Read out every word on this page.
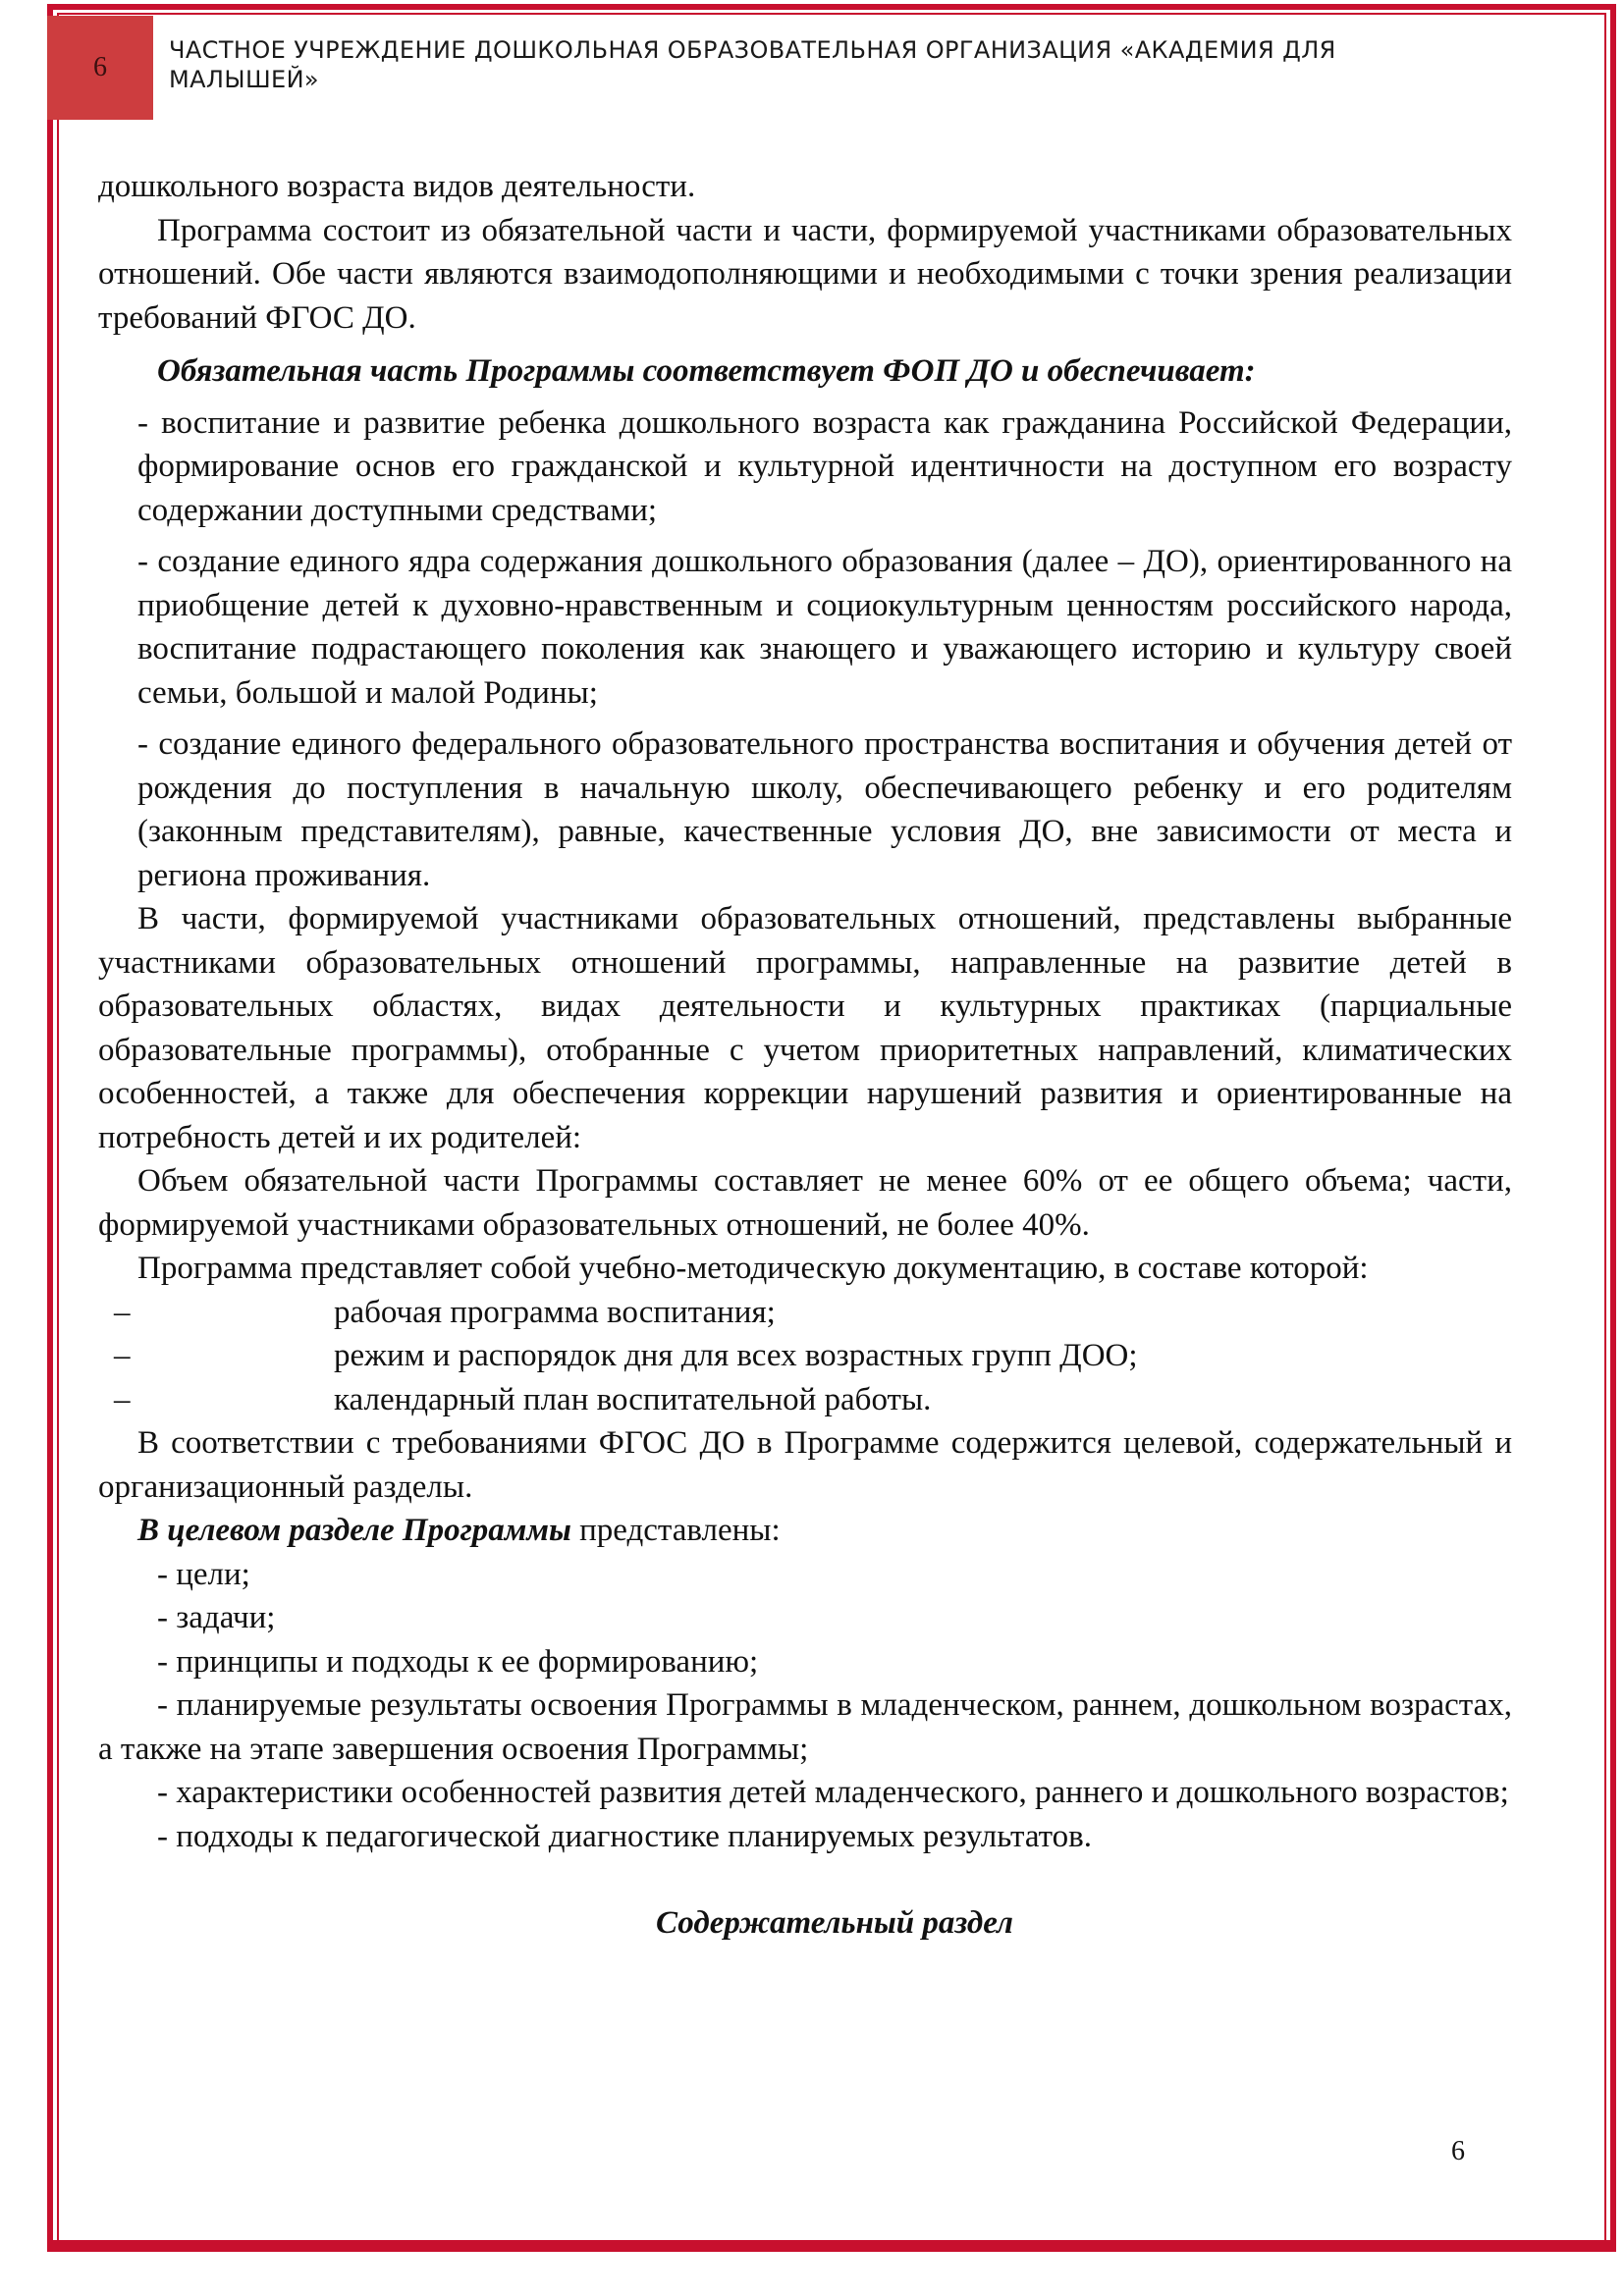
6
ЧАСТНОЕ УЧРЕЖДЕНИЕ ДОШКОЛЬНАЯ ОБРАЗОВАТЕЛЬНАЯ ОРГАНИЗАЦИЯ «АКАДЕМИЯ ДЛЯ МАЛЫШЕЙ»

дошкольного возраста видов деятельности.

Программа состоит из обязательной части и части, формируемой участниками образовательных отношений. Обе части являются взаимодополняющими и необходимыми с точки зрения реализации требований ФГОС ДО.

Обязательная часть Программы соответствует ФОП ДО и обеспечивает:

- воспитание и развитие ребенка дошкольного возраста как гражданина Российской Федерации, формирование основ его гражданской и культурной идентичности на доступном его возрасту содержании доступными средствами;

- создание единого ядра содержания дошкольного образования (далее – ДО), ориентированного на приобщение детей к духовно-нравственным и социокультурным ценностям российского народа, воспитание подрастающего поколения как знающего и уважающего историю и культуру своей семьи, большой и малой Родины;

- создание единого федерального образовательного пространства воспитания и обучения детей от рождения до поступления в начальную школу, обеспечивающего ребенку и его родителям (законным представителям), равные, качественные условия ДО, вне зависимости от места и региона проживания.

В части, формируемой участниками образовательных отношений, представлены выбранные участниками образовательных отношений программы, направленные на развитие детей в образовательных областях, видах деятельности и культурных практиках (парциальные образовательные программы), отобранные с учетом приоритетных направлений, климатических особенностей, а также для обеспечения коррекции нарушений развития и ориентированные на потребность детей и их родителей:

Объем обязательной части Программы составляет не менее 60% от ее общего объема; части, формируемой участниками образовательных отношений, не более 40%.

Программа представляет собой учебно-методическую документацию, в составе которой:

–	рабочая программа воспитания;
–	режим и распорядок дня для всех возрастных групп ДОО;
–	календарный план воспитательной работы.

В соответствии с требованиями ФГОС ДО в Программе содержится целевой, содержательный и организационный разделы.

В целевом разделе Программы представлены:

- цели;

- задачи;

- принципы и подходы к ее формированию;

- планируемые результаты освоения Программы в младенческом, раннем, дошкольном возрастах, а также на этапе завершения освоения Программы;

- характеристики особенностей развития детей младенческого, раннего и дошкольного возрастов;

- подходы к педагогической диагностике планируемых результатов.

Содержательный раздел

6
